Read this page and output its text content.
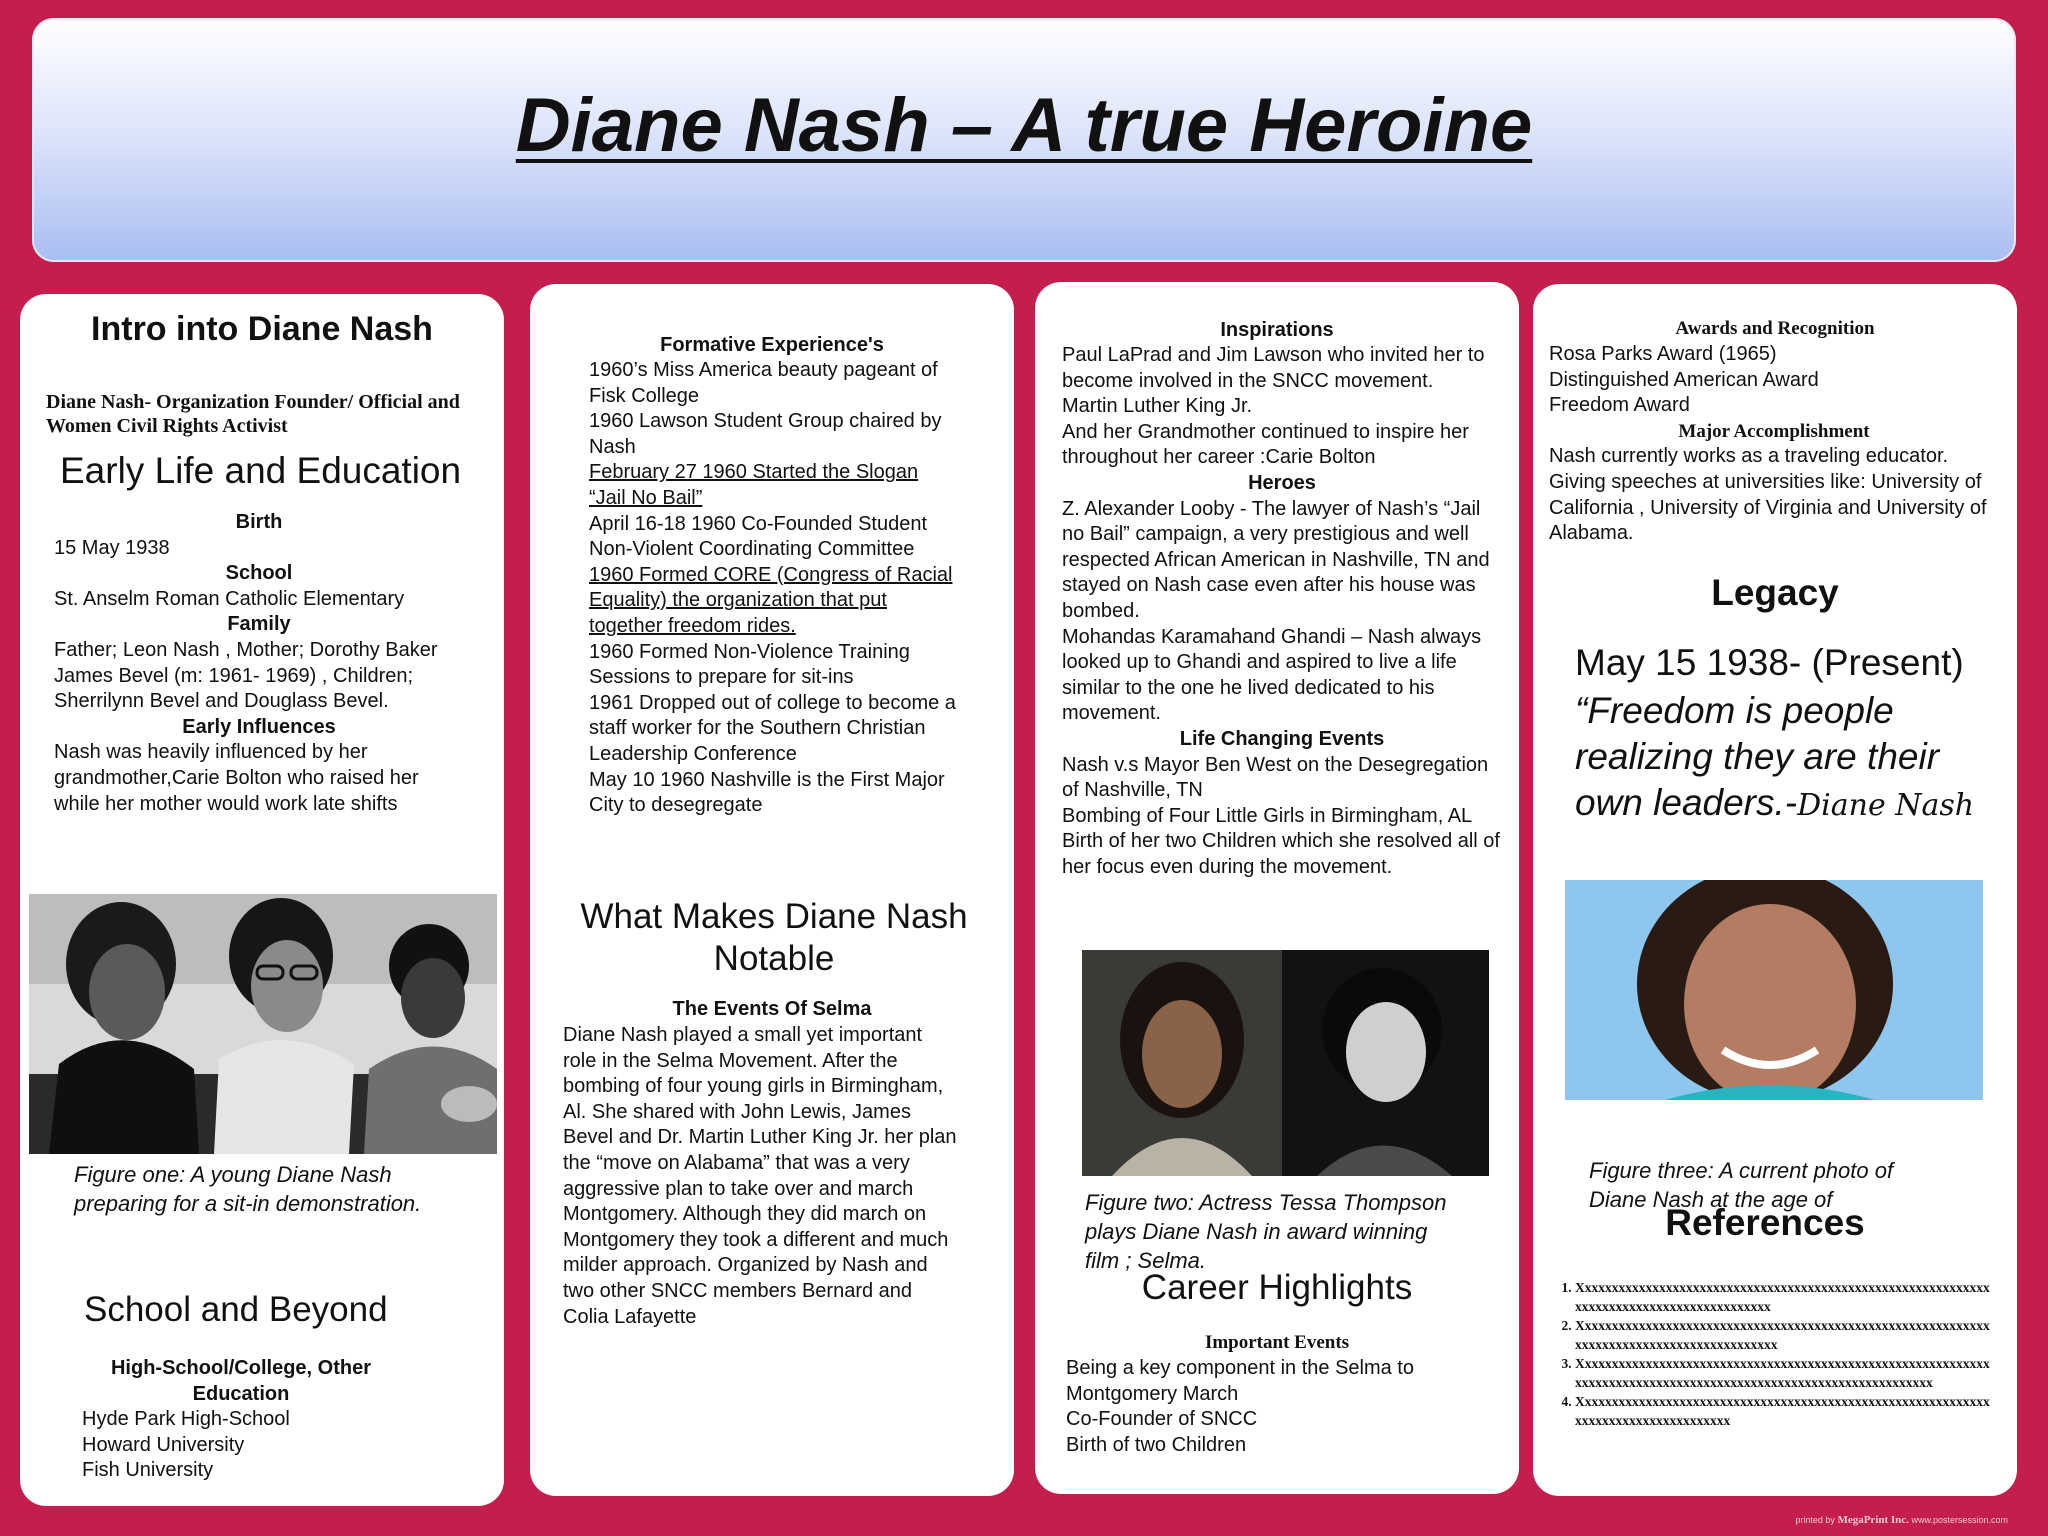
Diane Nash – A true Heroine
Intro into Diane Nash
Diane Nash- Organization Founder/ Official and Women Civil Rights Activist
Early Life and Education
Birth
15 May 1938
School
St. Anselm Roman Catholic Elementary
Family
Father; Leon Nash , Mother; Dorothy Baker
James Bevel (m: 1961- 1969) , Children; Sherrilynn Bevel and Douglass Bevel.
Early Influences
Nash was heavily influenced by her grandmother,Carie Bolton who raised her while her mother would work late shifts
Figure one: A young Diane Nash preparing for a sit-in demonstration.
School and Beyond
High-School/College, Other Education
Hyde Park High-School
Howard University
Fish University
Formative Experience's
1960’s Miss America beauty pageant of Fisk College
1960 Lawson Student Group chaired by Nash
February 27 1960 Started the Slogan “Jail No Bail”
April 16-18 1960 Co-Founded Student Non-Violent Coordinating Committee
1960 Formed CORE (Congress of Racial Equality) the organization that put together freedom rides.
1960 Formed Non-Violence Training Sessions to prepare for sit-ins
1961 Dropped out of college to become a staff worker for the Southern Christian Leadership Conference
May 10 1960 Nashville is the First Major City to desegregate
What Makes Diane Nash Notable
The Events Of Selma
Diane Nash played a small yet important role in the Selma Movement. After the bombing of four young girls in Birmingham, Al. She shared with John Lewis, James Bevel and Dr. Martin Luther King Jr. her plan the “move on Alabama” that was a very aggressive plan to take over and march Montgomery. Although they did march on Montgomery they took a different and much milder approach. Organized by Nash and two other SNCC members Bernard and Colia Lafayette
Inspirations
Paul LaPrad and Jim Lawson who invited her to become involved in the SNCC movement.
Martin Luther King Jr.
And her Grandmother continued to inspire her throughout her career :Carie Bolton
Heroes
Z. Alexander Looby - The lawyer of Nash’s “Jail no Bail” campaign, a very prestigious and well respected African American in Nashville, TN and stayed on Nash case even after his house was bombed.
Mohandas Karamahand Ghandi – Nash always looked up to Ghandi and aspired to live a life similar to the one he lived dedicated to his movement.
Life Changing Events
Nash v.s Mayor Ben West on the Desegregation of Nashville, TN
Bombing of Four Little Girls in Birmingham, AL
Birth of her two Children which she resolved all of her focus even during the movement.
Figure two: Actress Tessa Thompson plays Diane Nash in award winning film ; Selma.
Career Highlights
Important Events
Being a key component in the Selma to Montgomery March
Co-Founder of SNCC
Birth of two Children
Awards and Recognition
Rosa Parks Award (1965)
Distinguished American Award
Freedom Award
Major Accomplishment
Nash currently works as a traveling educator. Giving speeches at universities like: University of California , University of Virginia and University of Alabama.
Legacy
May 15 1938- (Present)
“Freedom is people realizing they are their own leaders.-Diane Nash
Figure three: A current photo of Diane Nash at the age of
References
1. Xxxxxxxxxxxxxxxxxxxxxxxxxxxxxxxxxxxxxxxxxxxxxxxxxxxxxxxxxxxxxxxxxxxxxxxxxxxxxxxxxxxxxxxxxx
2. Xxxxxxxxxxxxxxxxxxxxxxxxxxxxxxxxxxxxxxxxxxxxxxxxxxxxxxxxxxxxxxxxxxxxxxxxxxxxxxxxxxxxxxxxxxx
3. Xxxxxxxxxxxxxxxxxxxxxxxxxxxxxxxxxxxxxxxxxxxxxxxxxxxxxxxxxxxxxxxxxxxxxxxxxxxxxxxxxxxxxxxxxxxxxxxxxxxxxxxxxxxxxxxxxx
4. Xxxxxxxxxxxxxxxxxxxxxxxxxxxxxxxxxxxxxxxxxxxxxxxxxxxxxxxxxxxxxxxxxxxxxxxxxxxxxxxxxxxx
printed by MegaPrint Inc. www.postersession.com
